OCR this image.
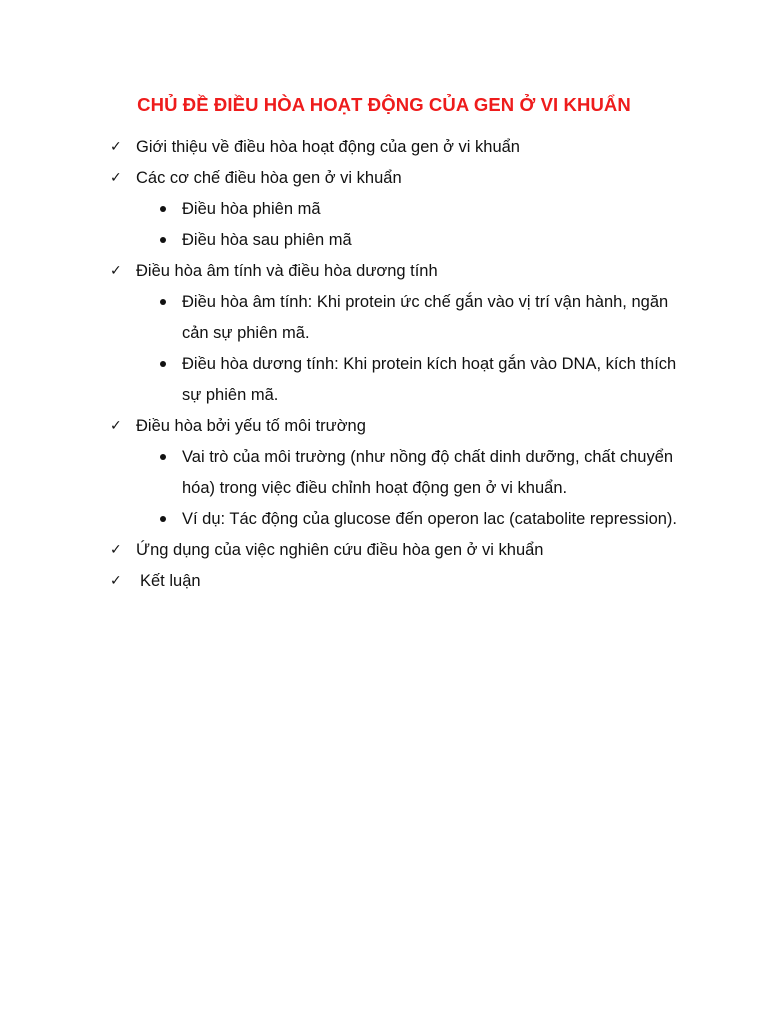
CHỦ ĐỀ ĐIỀU HÒA HOẠT ĐỘNG CỦA GEN Ở VI KHUẨN
✓ Giới thiệu về điều hòa hoạt động của gen ở vi khuẩn
✓ Các cơ chế điều hòa gen ở vi khuẩn
Điều hòa phiên mã
Điều hòa sau phiên mã
✓ Điều hòa âm tính và điều hòa dương tính
Điều hòa âm tính: Khi protein ức chế gắn vào vị trí vận hành, ngăn cản sự phiên mã.
Điều hòa dương tính: Khi protein kích hoạt gắn vào DNA, kích thích sự phiên mã.
✓ Điều hòa bởi yếu tố môi trường
Vai trò của môi trường (như nồng độ chất dinh dưỡng, chất chuyển hóa) trong việc điều chỉnh hoạt động gen ở vi khuẩn.
Ví dụ: Tác động của glucose đến operon lac (catabolite repression).
✓ Ứng dụng của việc nghiên cứu điều hòa gen ở vi khuẩn
✓	Kết luận
